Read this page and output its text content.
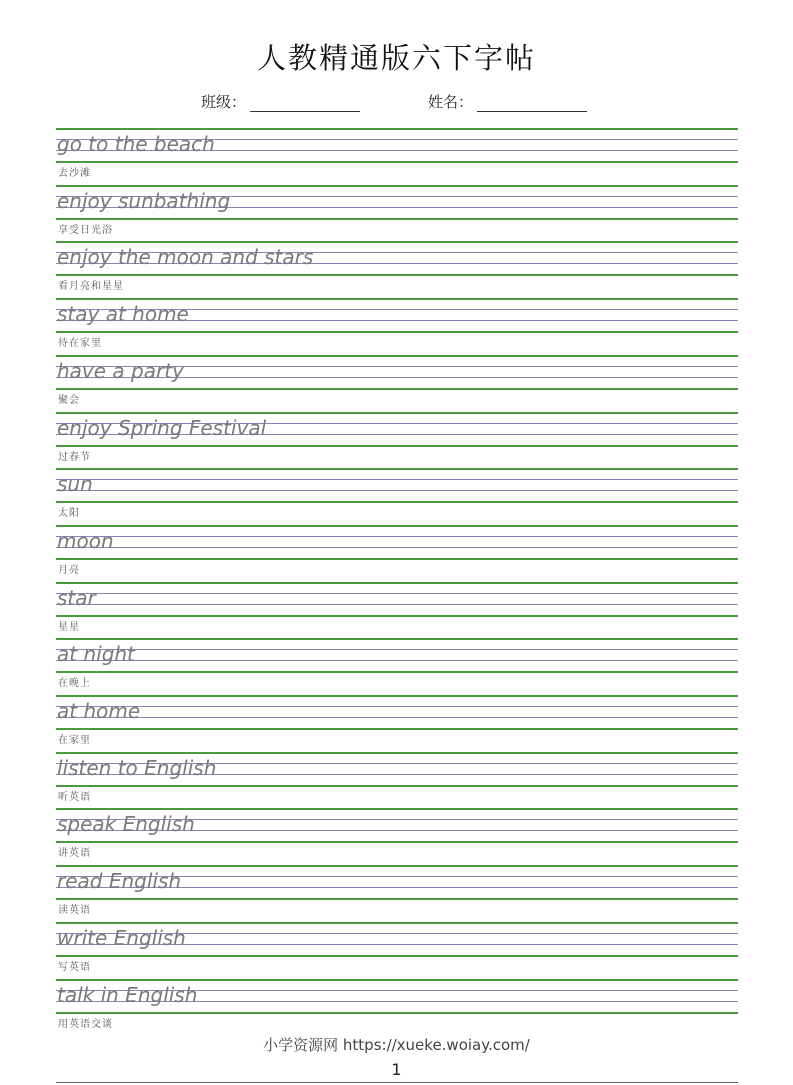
人教精通版六下字帖
班级：	姓名：
go to the beach
去沙滩
enjoy sunbathing
享受日光浴
enjoy the moon and stars
看月亮和星星
stay at home
待在家里
have a party
聚会
enjoy Spring Festival
过春节
sun
太阳
moon
月亮
star
星星
at night
在晚上
at home
在家里
listen to English
听英语
speak English
讲英语
read English
读英语
write English
写英语
talk in English
用英语交谈
小学资源网 https://xueke.woiay.com/
1
